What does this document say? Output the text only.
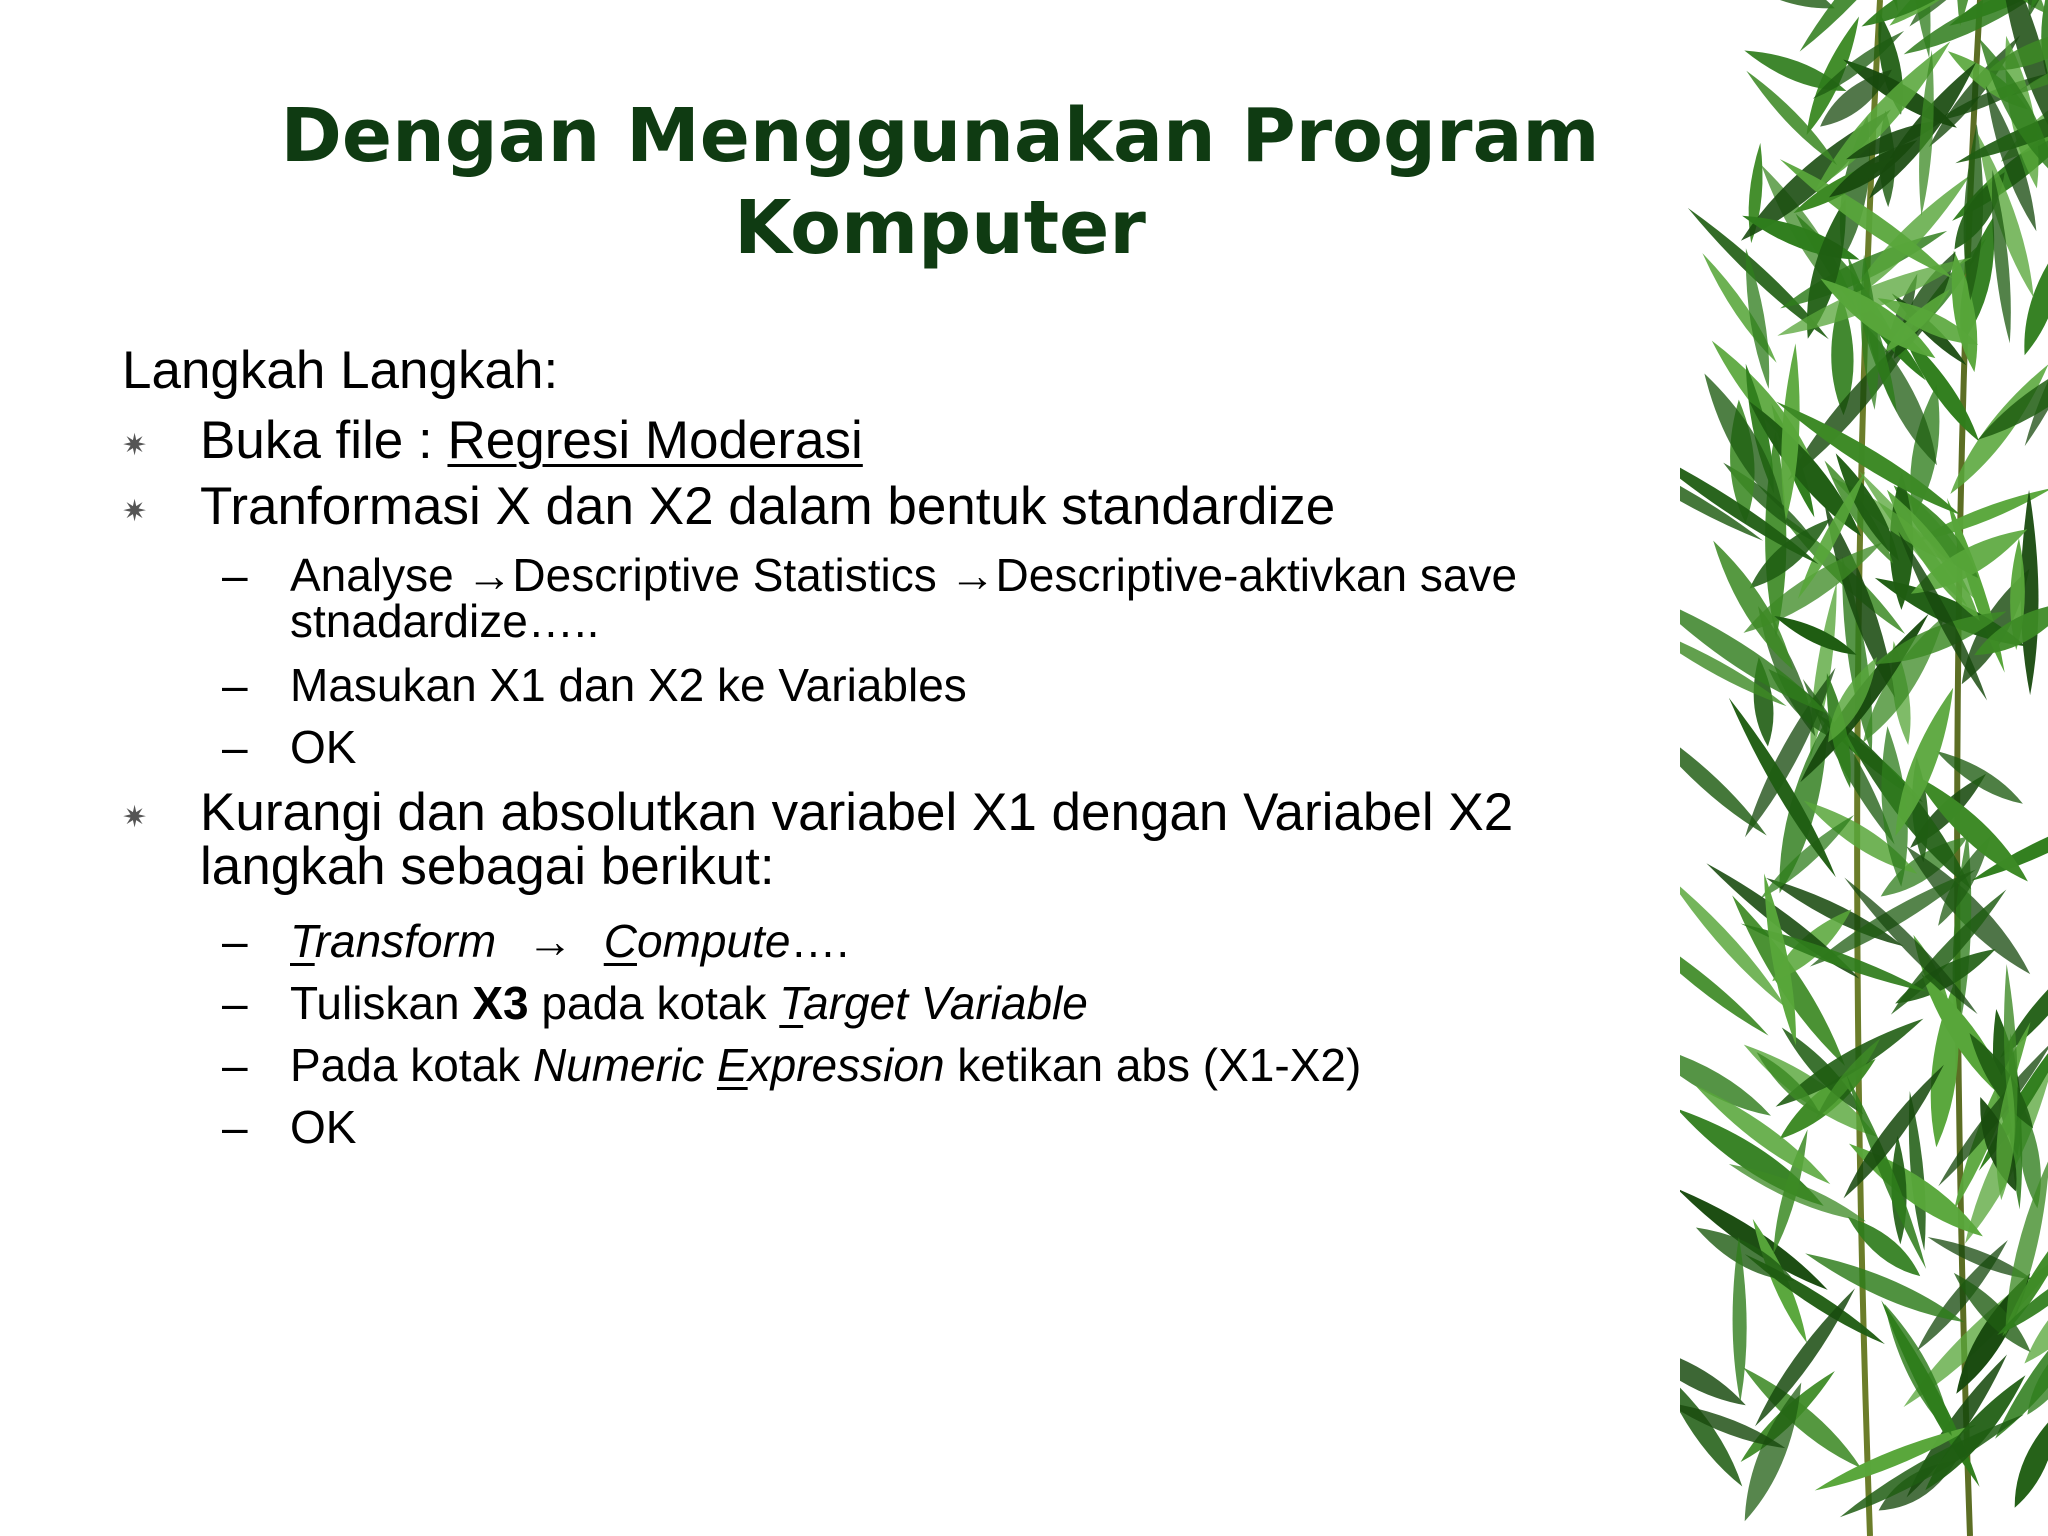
Dengan Menggunakan Program
Komputer
Langkah Langkah:
✷ Buka file : Regresi Moderasi
✷ Tranformasi X dan X2 dalam bentuk standardize
– Analyse →Descriptive Statistics →Descriptive-aktivkan save
stnadardize…..
– Masukan X1 dan X2 ke Variables
– OK
✷ Kurangi dan absolutkan variabel X1 dengan Variabel X2
langkah sebagai berikut:
– Transform → Compute….
– Tuliskan X3 pada kotak Target Variable
– Pada kotak Numeric Expression ketikan abs (X1-X2)
– OK
